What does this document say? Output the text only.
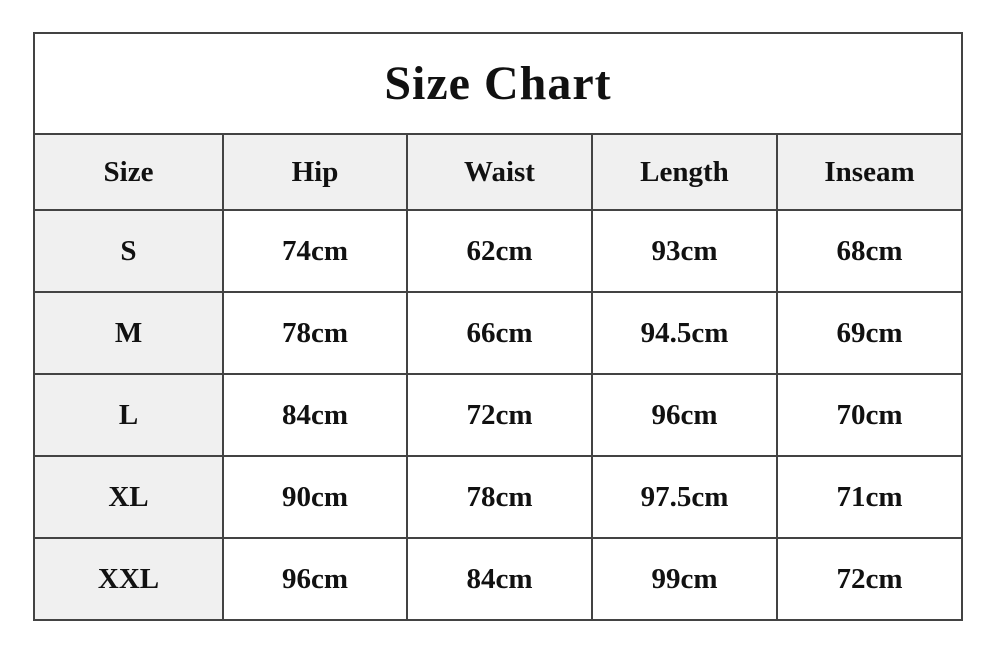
Size Chart				
Size	Hip	Waist	Length	Inseam
S	74cm	62cm	93cm	68cm
M	78cm	66cm	94.5cm	69cm
L	84cm	72cm	96cm	70cm
XL	90cm	78cm	97.5cm	71cm
XXL	96cm	84cm	99cm	72cm
